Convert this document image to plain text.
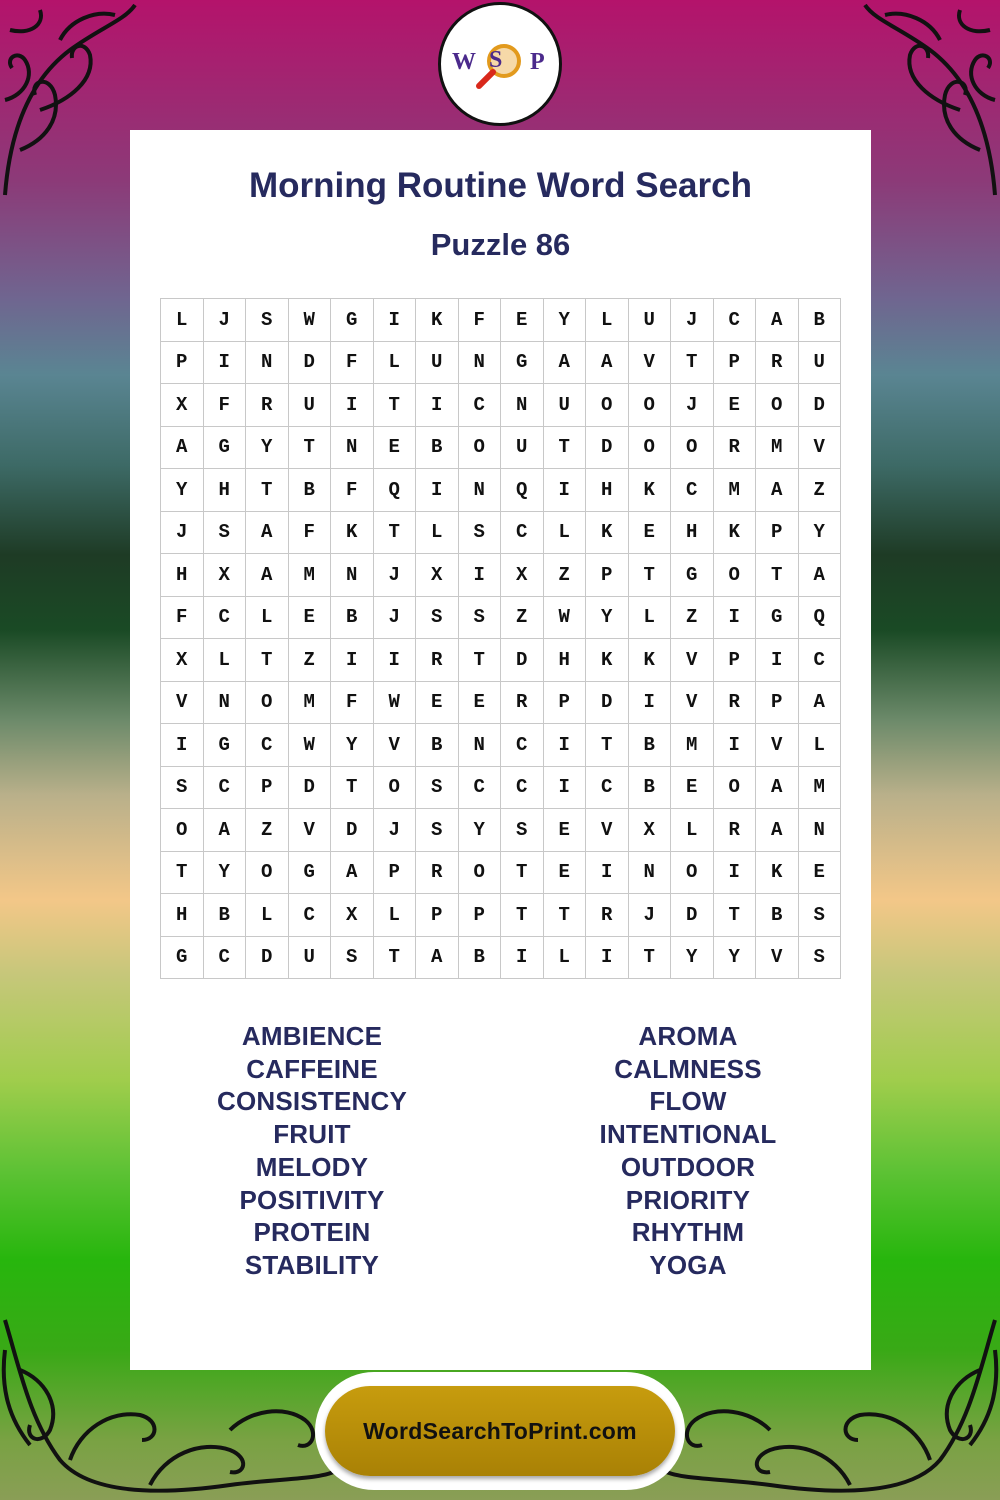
W S P
Morning Routine Word Search
Puzzle 86
L	J	S	W	G	I	K	F	E	Y	L	U	J	C	A	B
P	I	N	D	F	L	U	N	G	A	A	V	T	P	R	U
X	F	R	U	I	T	I	C	N	U	O	O	J	E	O	D
A	G	Y	T	N	E	B	O	U	T	D	O	O	R	M	V
Y	H	T	B	F	Q	I	N	Q	I	H	K	C	M	A	Z
J	S	A	F	K	T	L	S	C	L	K	E	H	K	P	Y
H	X	A	M	N	J	X	I	X	Z	P	T	G	O	T	A
F	C	L	E	B	J	S	S	Z	W	Y	L	Z	I	G	Q
X	L	T	Z	I	I	R	T	D	H	K	K	V	P	I	C
V	N	O	M	F	W	E	E	R	P	D	I	V	R	P	A
I	G	C	W	Y	V	B	N	C	I	T	B	M	I	V	L
S	C	P	D	T	O	S	C	C	I	C	B	E	O	A	M
O	A	Z	V	D	J	S	Y	S	E	V	X	L	R	A	N
T	Y	O	G	A	P	R	O	T	E	I	N	O	I	K	E
H	B	L	C	X	L	P	P	T	T	R	J	D	T	B	S
G	C	D	U	S	T	A	B	I	L	I	T	Y	Y	V	S
AMBIENCE
CAFFEINE
CONSISTENCY
FRUIT
MELODY
POSITIVITY
PROTEIN
STABILITY
AROMA
CALMNESS
FLOW
INTENTIONAL
OUTDOOR
PRIORITY
RHYTHM
YOGA
WordSearchToPrint.com
